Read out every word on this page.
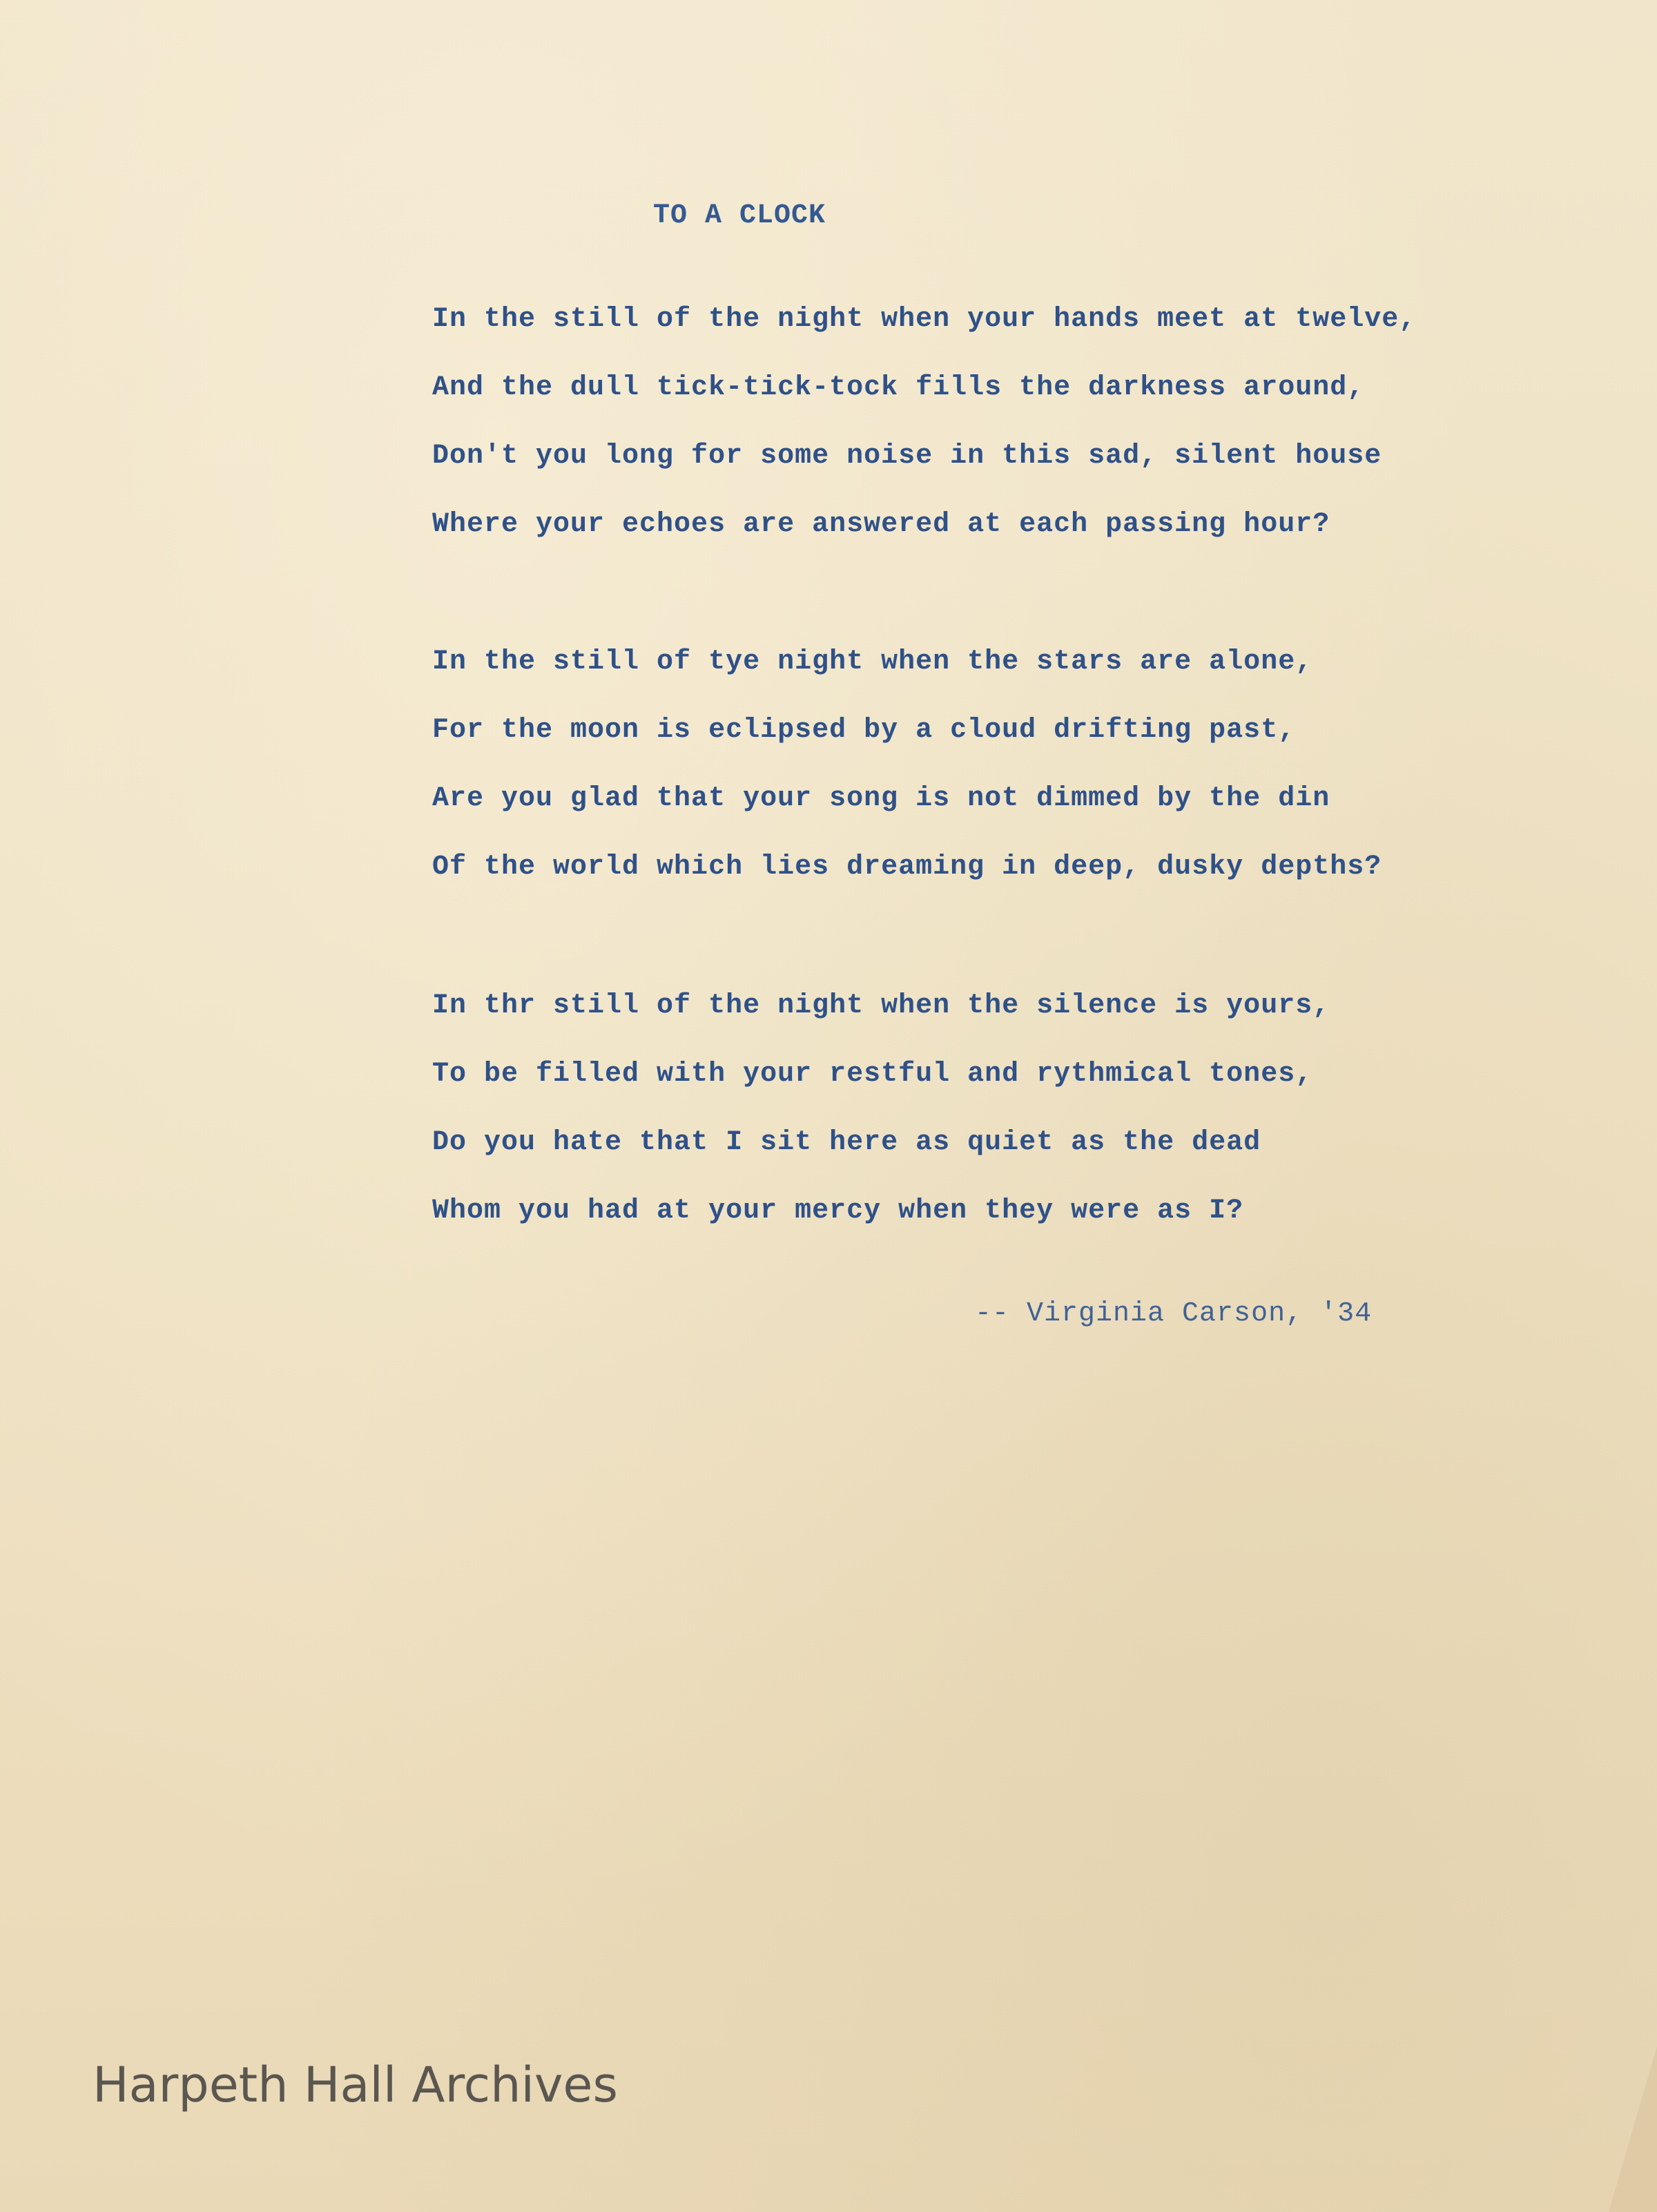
TO A CLOCK
In the still of the night when your hands meet at twelve,
And the dull tick-tick-tock fills the darkness around,
Don't you long for some noise in this sad, silent house
Where your echoes are answered at each passing hour?
In the still of tye night when the stars are alone,
For the moon is eclipsed by a cloud drifting past,
Are you glad that your song is not dimmed by the din
Of the world which lies dreaming in deep, dusky depths?
In thr still of the night when the silence is yours,
To be filled with your restful and rythmical tones,
Do you hate that I sit here as quiet as the dead
Whom you had at your mercy when they were as I?

-- Virginia Carson, '34

Harpeth Hall Archives
